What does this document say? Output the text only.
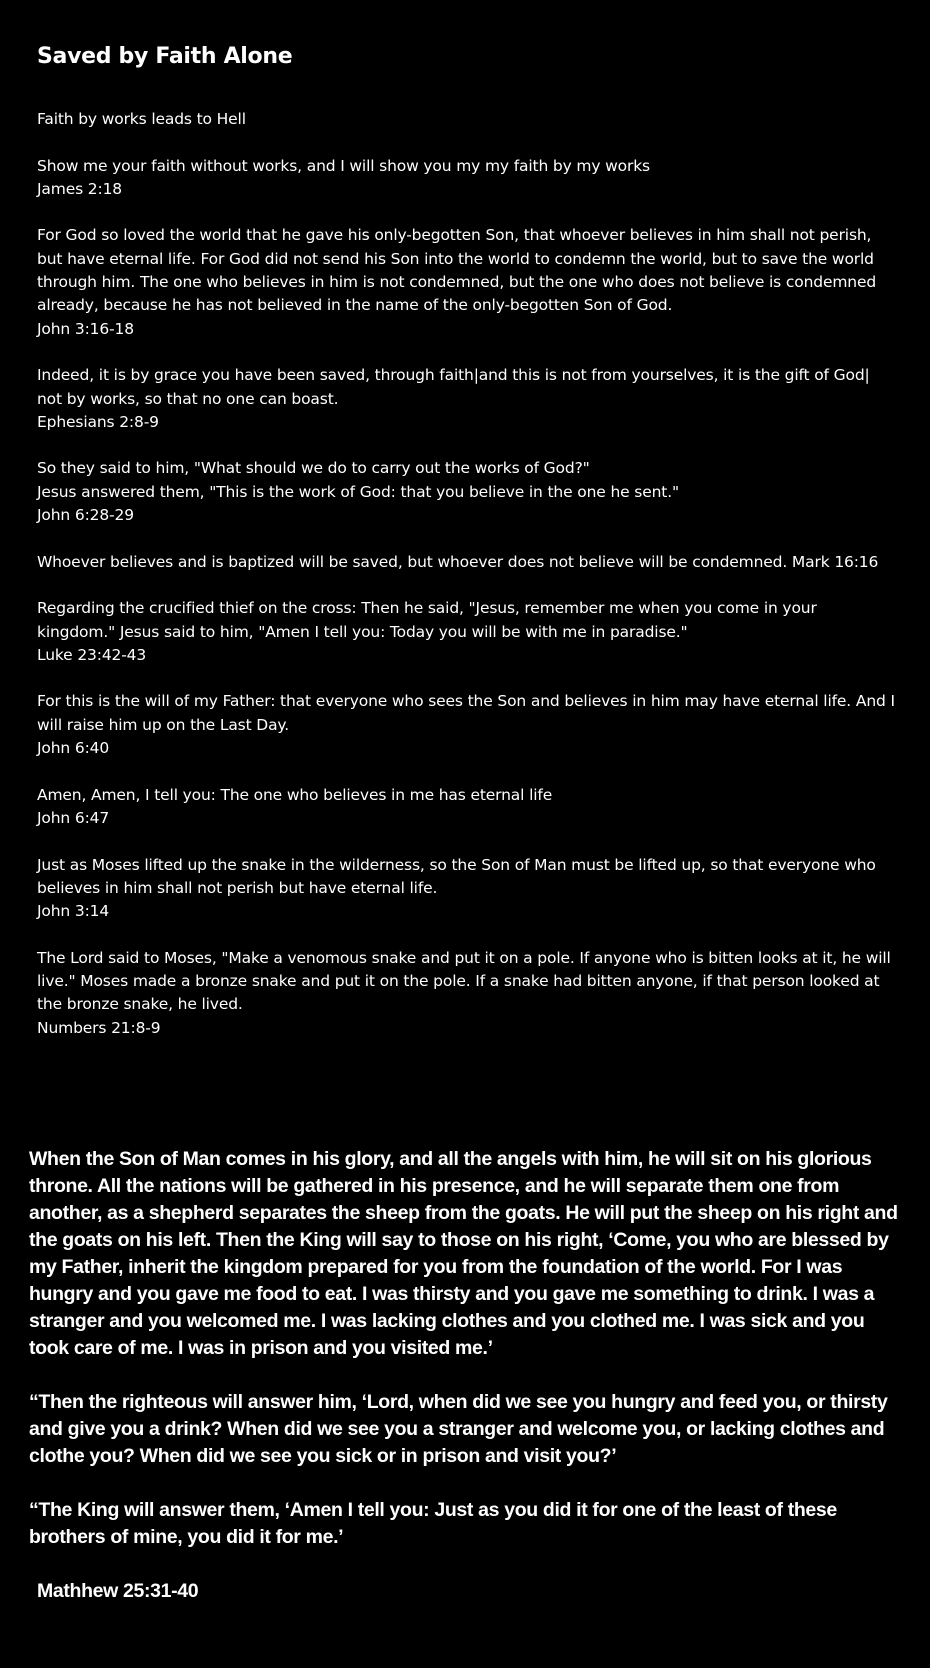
Saved by Faith Alone

Faith by works leads to Hell

Show me your faith without works, and I will show you my my faith by my works

James 2:18

For God so loved the world that he gave his only-begotten Son, that whoever believes in him shall not perish, but have eternal life. For God did not send his Son into the world to condemn the world, but to save the world through him. The one who believes in him is not condemned, but the one who does not believe is condemned already, because he has not believed in the name of the only-begotten Son of God.

John 3:16-18

Indeed, it is by grace you have been saved, through faith|and this is not from yourselves, it is the gift of God| not by works, so that no one can boast.

Ephesians 2:8-9

So they said to him, "What should we do to carry out the works of God?"

Jesus answered them, "This is the work of God: that you believe in the one he sent."

John 6:28-29

Whoever believes and is baptized will be saved, but whoever does not believe will be condemned. Mark 16:16

Regarding the crucified thief on the cross: Then he said, "Jesus, remember me when you come in your kingdom." Jesus said to him, "Amen I tell you: Today you will be with me in paradise."

Luke 23:42-43

For this is the will of my Father: that everyone who sees the Son and believes in him may have eternal life. And I will raise him up on the Last Day.

John 6:40

Amen, Amen, I tell you: The one who believes in me has eternal life

John 6:47

Just as Moses lifted up the snake in the wilderness, so the Son of Man must be lifted up, so that everyone who believes in him shall not perish but have eternal life.

John 3:14

The Lord said to Moses, "Make a venomous snake and put it on a pole. If anyone who is bitten looks at it, he will live." Moses made a bronze snake and put it on the pole. If a snake had bitten anyone, if that person looked at the bronze snake, he lived.

Numbers 21:8-9

When the Son of Man comes in his glory, and all the angels with him, he will sit on his glorious throne. All the nations will be gathered in his presence, and he will separate them one from another, as a shepherd separates the sheep from the goats. He will put the sheep on his right and the goats on his left. Then the King will say to those on his right, ‘Come, you who are blessed by my Father, inherit the kingdom prepared for you from the foundation of the world. For I was hungry and you gave me food to eat. I was thirsty and you gave me something to drink. I was a stranger and you welcomed me. I was lacking clothes and you clothed me. I was sick and you took care of me. I was in prison and you visited me.’

“Then the righteous will answer him, ‘Lord, when did we see you hungry and feed you, or thirsty and give you a drink? When did we see you a stranger and welcome you, or lacking clothes and clothe you? When did we see you sick or in prison and visit you?’

“The King will answer them, ‘Amen I tell you: Just as you did it for one of the least of these brothers of mine, you did it for me.’

Mathhew 25:31-40
